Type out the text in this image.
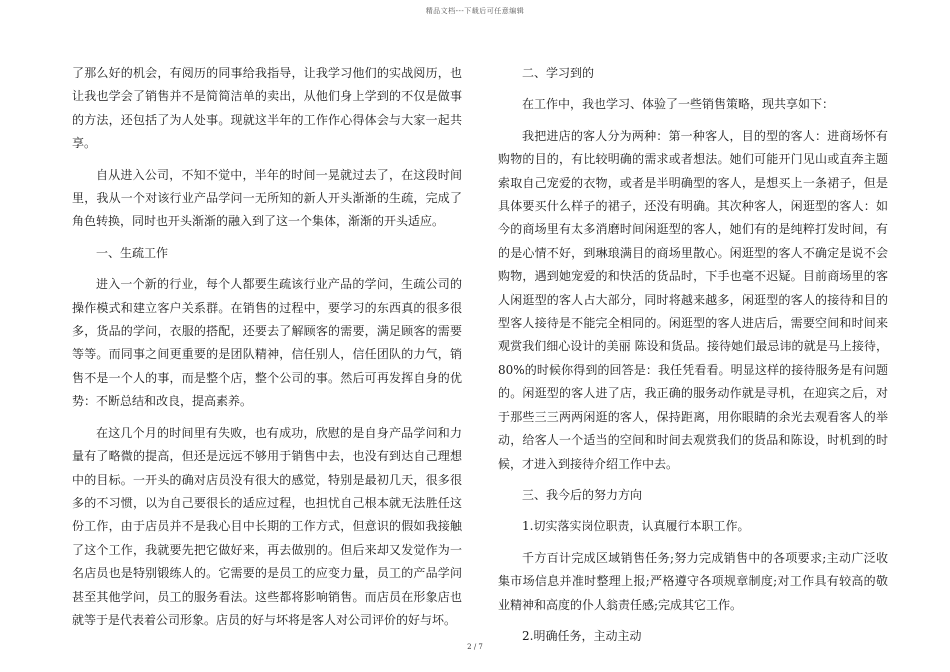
精品文档---下载后可任意编辑
了那么好的机会，有阅历的同事给我指导，让我学习他们的实战阅历，也让我也学会了销售并不是简简洁单的卖出，从他们身上学到的不仅是做事的方法，还包括了为人处事。现就这半年的工作作心得体会与大家一起共享。
自从进入公司，不知不觉中，半年的时间一晃就过去了，在这段时间里，我从一个对该行业产品学问一无所知的新人开头渐渐的生疏，完成了角色转换，同时也开头渐渐的融入到了这一个集体，渐渐的开头适应。
一、生疏工作
进入一个新的行业，每个人都要生疏该行业产品的学问，生疏公司的操作模式和建立客户关系群。在销售的过程中，要学习的东西真的很多很多，货品的学问，衣服的搭配，还要去了解顾客的需要，满足顾客的需要等等。而同事之间更重要的是团队精神，信任别人，信任团队的力气，销售不是一个人的事，而是整个店，整个公司的事。然后可再发挥自身的优势：不断总结和改良，提高素养。
在这几个月的时间里有失败，也有成功，欣慰的是自身产品学问和力量有了略微的提高，但还是远远不够用于销售中去，也没有到达自己理想中的目标。一开头的确对店员没有很大的感觉，特别是最初几天，很多很多的不习惯，以为自己要很长的适应过程，也担忧自己根本就无法胜任这份工作，由于店员并不是我心目中长期的工作方式，但意识的假如我接触了这个工作，我就要先把它做好来，再去做别的。但后来却又发觉作为一名店员也是特别锻练人的。它需要的是员工的应变力量，员工的产品学问甚至其他学问，员工的服务看法。这些都将影响销售。而店员在形象店也就等于是代表着公司形象。店员的好与坏将是客人对公司评价的好与坏。
二、学习到的
在工作中，我也学习、体验了一些销售策略，现共享如下：
我把进店的客人分为两种：第一种客人，目的型的客人：进商场怀有购物的目的，有比较明确的需求或者想法。她们可能开门见山或直奔主题索取自己宠爱的衣物，或者是半明确型的客人，是想买上一条裙子，但是具体要买什么样子的裙子，还没有明确。其次种客人，闲逛型的客人：如今的商场里有太多消磨时间闲逛型的客人，她们有的是纯粹打发时间，有的是心情不好，到琳琅满目的商场里散心。闲逛型的客人不确定是说不会购物，遇到她宠爱的和快活的货品时，下手也毫不迟疑。目前商场里的客人闲逛型的客人占大部分，同时将越来越多，闲逛型的客人的接待和目的型客人接待是不能完全相同的。闲逛型的客人进店后，需要空间和时间来观赏我们细心设计的美丽 陈设和货品。接待她们最忌讳的就是马上接待，80%的时候你得到的回答是：我任凭看看。明显这样的接待服务是有问题的。闲逛型的客人进了店，我正确的服务动作就是寻机，在迎宾之后，对于那些三三两两闲逛的客人，保持距离，用你眼睛的余光去观看客人的举动，给客人一个适当的空间和时间去观赏我们的货品和陈设，时机到的时候，才进入到接待介绍工作中去。
三、我今后的努力方向
1.切实落实岗位职责，认真履行本职工作。
千方百计完成区域销售任务;努力完成销售中的各项要求;主动广泛收集市场信息并准时整理上报;严格遵守各项规章制度;对工作具有较高的敬业精神和高度的仆人翁责任感;完成其它工作。
2.明确任务，主动主动
2 / 7
